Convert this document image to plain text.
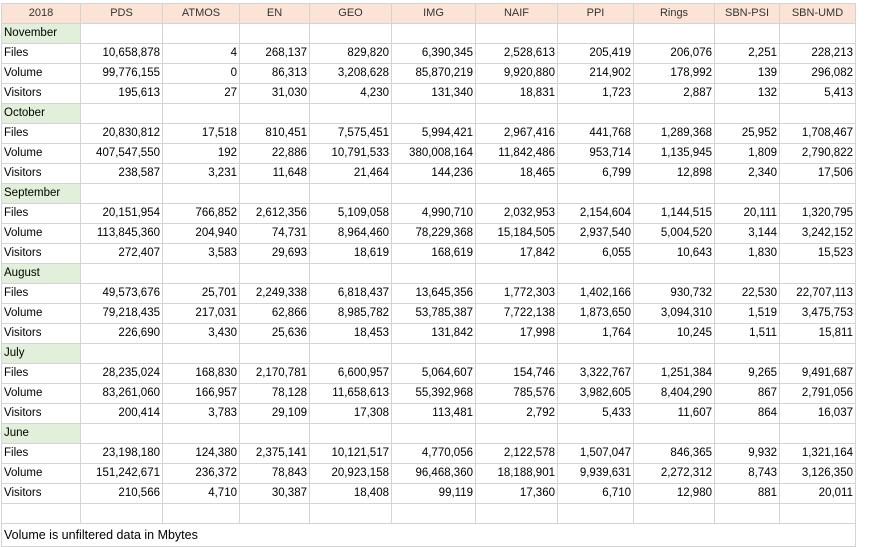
2018	PDS	ATMOS	EN	GEO	IMG	NAIF	PPI	Rings	SBN-PSI	SBN-UMD
November										
Files	10,658,878	4	268,137	829,820	6,390,345	2,528,613	205,419	206,076	2,251	228,213
Volume	99,776,155	0	86,313	3,208,628	85,870,219	9,920,880	214,902	178,992	139	296,082
Visitors	195,613	27	31,030	4,230	131,340	18,831	1,723	2,887	132	5,413
October										
Files	20,830,812	17,518	810,451	7,575,451	5,994,421	2,967,416	441,768	1,289,368	25,952	1,708,467
Volume	407,547,550	192	22,886	10,791,533	380,008,164	11,842,486	953,714	1,135,945	1,809	2,790,822
Visitors	238,587	3,231	11,648	21,464	144,236	18,465	6,799	12,898	2,340	17,506
September										
Files	20,151,954	766,852	2,612,356	5,109,058	4,990,710	2,032,953	2,154,604	1,144,515	20,111	1,320,795
Volume	113,845,360	204,940	74,731	8,964,460	78,229,368	15,184,505	2,937,540	5,004,520	3,144	3,242,152
Visitors	272,407	3,583	29,693	18,619	168,619	17,842	6,055	10,643	1,830	15,523
August										
Files	49,573,676	25,701	2,249,338	6,818,437	13,645,356	1,772,303	1,402,166	930,732	22,530	22,707,113
Volume	79,218,435	217,031	62,866	8,985,782	53,785,387	7,722,138	1,873,650	3,094,310	1,519	3,475,753
Visitors	226,690	3,430	25,636	18,453	131,842	17,998	1,764	10,245	1,511	15,811
July										
Files	28,235,024	168,830	2,170,781	6,600,957	5,064,607	154,746	3,322,767	1,251,384	9,265	9,491,687
Volume	83,261,060	166,957	78,128	11,658,613	55,392,968	785,576	3,982,605	8,404,290	867	2,791,056
Visitors	200,414	3,783	29,109	17,308	113,481	2,792	5,433	11,607	864	16,037
June										
Files	23,198,180	124,380	2,375,141	10,121,517	4,770,056	2,122,578	1,507,047	846,365	9,932	1,321,164
Volume	151,242,671	236,372	78,843	20,923,158	96,468,360	18,188,901	9,939,631	2,272,312	8,743	3,126,350
Visitors	210,566	4,710	30,387	18,408	99,119	17,360	6,710	12,980	881	20,011

Volume is unfiltered data in Mbytes										
